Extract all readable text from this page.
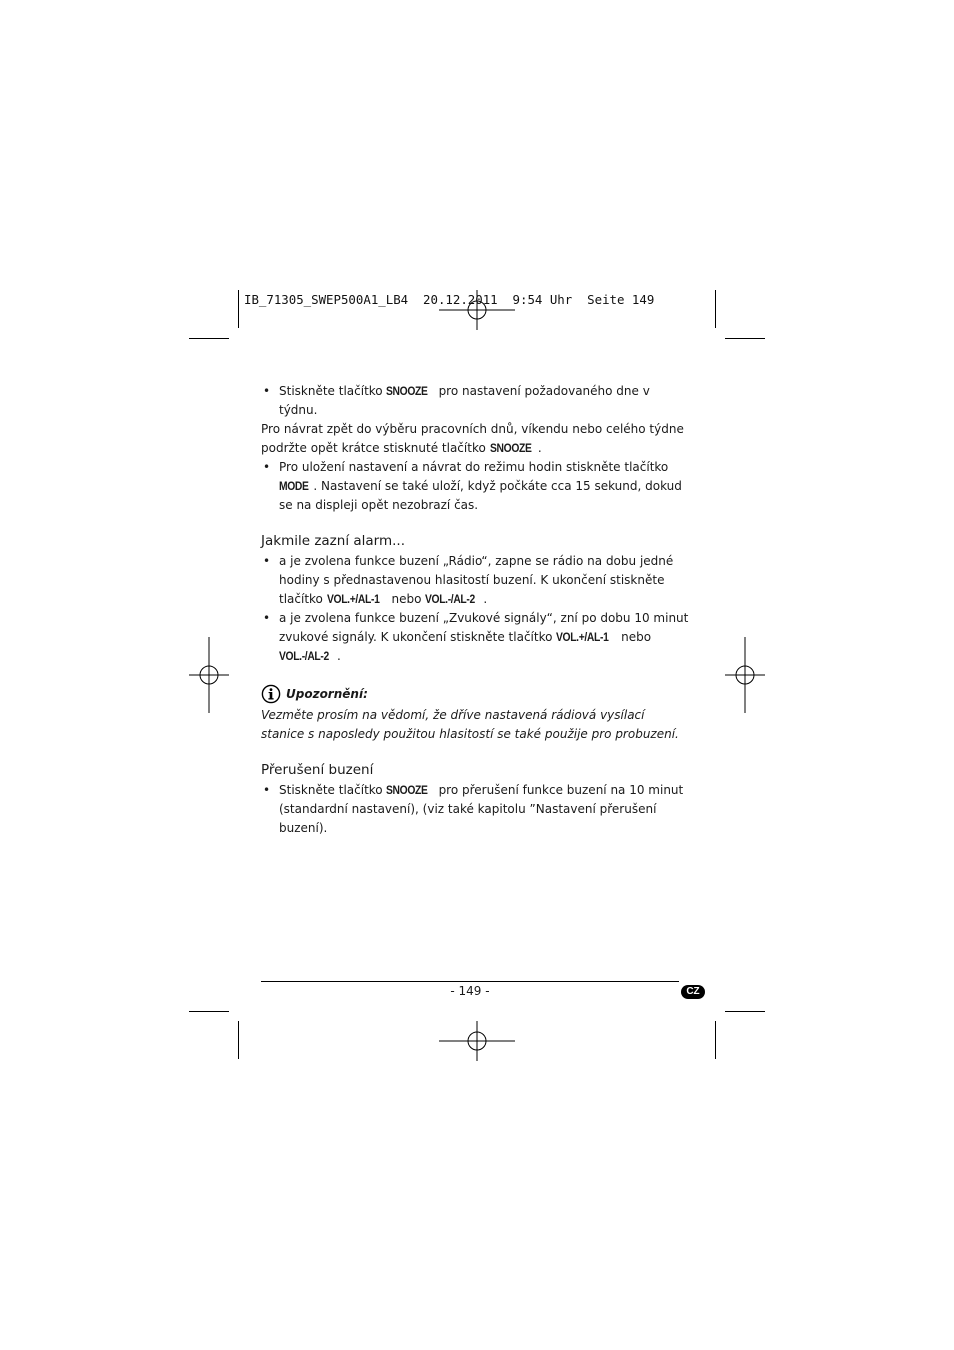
IB_71305_SWEP500A1_LB4  20.12.2011  9:54 Uhr  Seite 149
• Stiskněte tlačítko SNOOZE pro nastavení požadovaného dne v týdnu.
Pro návrat zpět do výběru pracovních dnů, víkendu nebo celého týdne podržte opět krátce stisknuté tlačítko SNOOZE .
• Pro uložení nastavení a návrat do režimu hodin stiskněte tlačítko MODE . Nastavení se také uloží, když počkáte cca 15 sekund, dokud se na displeji opět nezobrazí čas.
Jakmile zazní alarm...
• a je zvolena funkce buzení „Rádio“, zapne se rádio na dobu jedné hodiny s přednastavenou hlasitostí buzení. K ukončení stiskněte tlačítko VOL.+/AL-1 nebo VOL.-/AL-2 .
• a je zvolena funkce buzení „Zvukové signály“, zní po dobu 10 minut zvukové signály. K ukončení stiskněte tlačítko VOL.+/AL-1 nebo VOL.-/AL-2 .
Upozornění:
Vezměte prosím na vědomí, že dříve nastavená rádiová vysílací stanice s naposledy použitou hlasitostí se také použije pro probuzení.
Přerušení buzení
• Stiskněte tlačítko SNOOZE pro přerušení funkce buzení na 10 minut (standardní nastavení), (viz také kapitolu ”Nastavení přerušení buzení).
- 149 -	CZ
